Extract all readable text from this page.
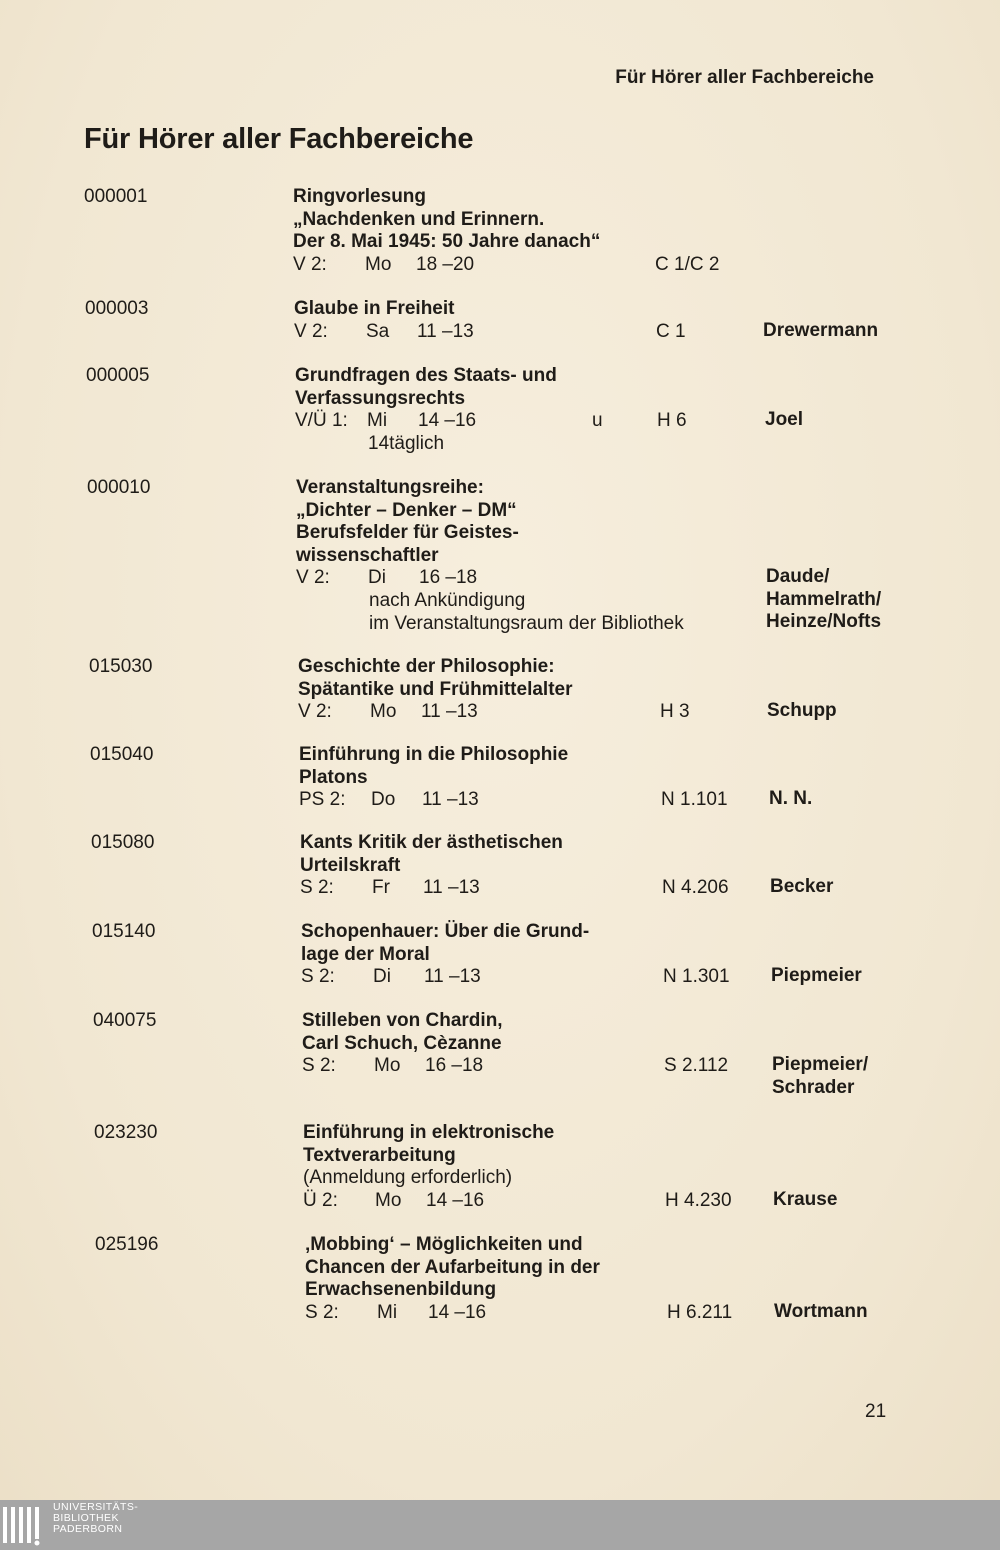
Für Hörer aller Fachbereiche
Für Hörer aller Fachbereiche
000001	Ringvorlesung
„Nachdenken und Erinnern.
Der 8. Mai 1945: 50 Jahre danach“
V 2: Mo 18 –20	C 1/C 2
000003	Glaube in Freiheit
V 2: Sa 11 –13	C 1	Drewermann
000005	Grundfragen des Staats- und
Verfassungsrechts
V/Ü 1: Mi 14 –16	u	H 6
14täglich
Joel
000010	Veranstaltungsreihe:
„Dichter – Denker – DM“
Berufsfelder für Geistes-
wissenschaftler
V 2: Di 16 –18
nach Ankündigung
im Veranstaltungsraum der Bibliothek
Daude/
Hammelrath/
Heinze/Nofts
015030	Geschichte der Philosophie:
Spätantike und Frühmittelalter
V 2: Mo 11 –13	H 3	Schupp
015040	Einführung in die Philosophie
Platons
PS 2: Do 11 –13	N 1.101 N. N.
015080	Kants Kritik der ästhetischen
Urteilskraft
S 2: Fr 11 –13	N 4.206 Becker
015140	Schopenhauer: Über die Grund-
lage der Moral
S 2: Di 11 –13	N 1.301 Piepmeier
040075	Stilleben von Chardin,
Carl Schuch, Cèzanne
S 2: Mo 16 –18	S 2.112 Piepmeier/
Schrader
023230	Einführung in elektronische
Textverarbeitung
(Anmeldung erforderlich)
Ü 2: Mo 14 –16	H 4.230 Krause
025196	‚Mobbing‘ – Möglichkeiten und
Chancen der Aufarbeitung in der
Erwachsenenbildung
S 2: Mi 14 –16	H 6.211 Wortmann
21
UNIVERSITÄTS-
BIBLIOTHEK
PADERBORN
